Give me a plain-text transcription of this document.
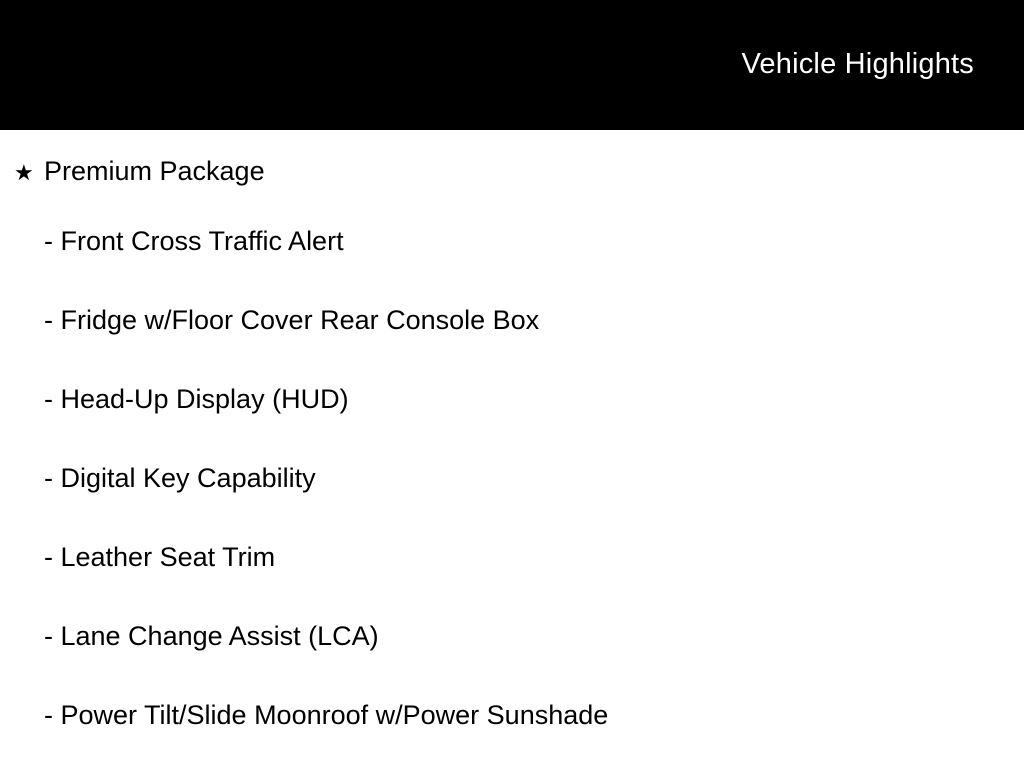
Vehicle Highlights
★ Premium Package
- Front Cross Traffic Alert
- Fridge w/Floor Cover Rear Console Box
- Head-Up Display (HUD)
- Digital Key Capability
- Leather Seat Trim
- Lane Change Assist (LCA)
- Power Tilt/Slide Moonroof w/Power Sunshade
